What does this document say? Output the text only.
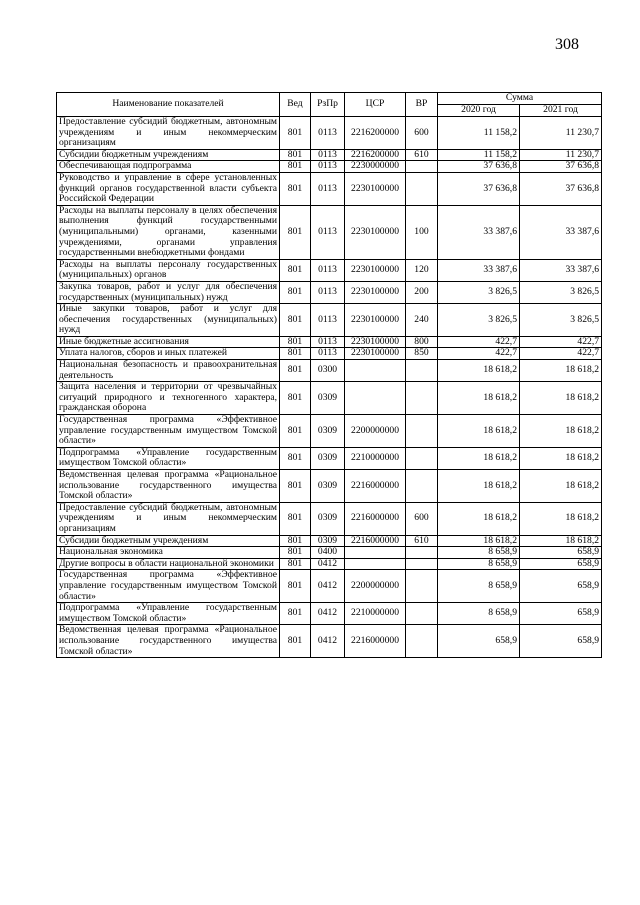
308
Наименование показателей	Вед	РзПр	ЦСР	ВР	Сумма	
					2020 год	2021 год
Предоставление субсидий бюджетным, автономным учреждениям и иным некоммерческим организациям	801	0113	2216200000	600	11 158,2	11 230,7
Субсидии бюджетным учреждениям	801	0113	2216200000	610	11 158,2	11 230,7
Обеспечивающая подпрограмма	801	0113	2230000000		37 636,8	37 636,8
Руководство и управление в сфере установленных функций органов государственной власти субъекта Российской Федерации	801	0113	2230100000		37 636,8	37 636,8
Расходы на выплаты персоналу в целях обеспечения выполнения функций государственными (муниципальными) органами, казенными учреждениями, органами управления государственными внебюджетными фондами	801	0113	2230100000	100	33 387,6	33 387,6
Расходы на выплаты персоналу государственных (муниципальных) органов	801	0113	2230100000	120	33 387,6	33 387,6
Закупка товаров, работ и услуг для обеспечения государственных (муниципальных) нужд	801	0113	2230100000	200	3 826,5	3 826,5
Иные закупки товаров, работ и услуг для обеспечения государственных (муниципальных) нужд	801	0113	2230100000	240	3 826,5	3 826,5
Иные бюджетные ассигнования	801	0113	2230100000	800	422,7	422,7
Уплата налогов, сборов и иных платежей	801	0113	2230100000	850	422,7	422,7
Национальная безопасность и правоохранительная деятельность	801	0300			18 618,2	18 618,2
Защита населения и территории от чрезвычайных ситуаций природного и техногенного характера, гражданская оборона	801	0309			18 618,2	18 618,2
Государственная программа «Эффективное управление государственным имуществом Томской области»	801	0309	2200000000		18 618,2	18 618,2
Подпрограмма «Управление государственным имуществом Томской области»	801	0309	2210000000		18 618,2	18 618,2
Ведомственная целевая программа «Рациональное использование государственного имущества Томской области»	801	0309	2216000000		18 618,2	18 618,2
Предоставление субсидий бюджетным, автономным учреждениям и иным некоммерческим организациям	801	0309	2216000000	600	18 618,2	18 618,2
Субсидии бюджетным учреждениям	801	0309	2216000000	610	18 618,2	18 618,2
Национальная экономика	801	0400			8 658,9	658,9
Другие вопросы в области национальной экономики	801	0412			8 658,9	658,9
Государственная программа «Эффективное управление государственным имуществом Томской области»	801	0412	2200000000		8 658,9	658,9
Подпрограмма «Управление государственным имуществом Томской области»	801	0412	2210000000		8 658,9	658,9
Ведомственная целевая программа «Рациональное использование государственного имущества Томской области»	801	0412	2216000000		658,9	658,9
